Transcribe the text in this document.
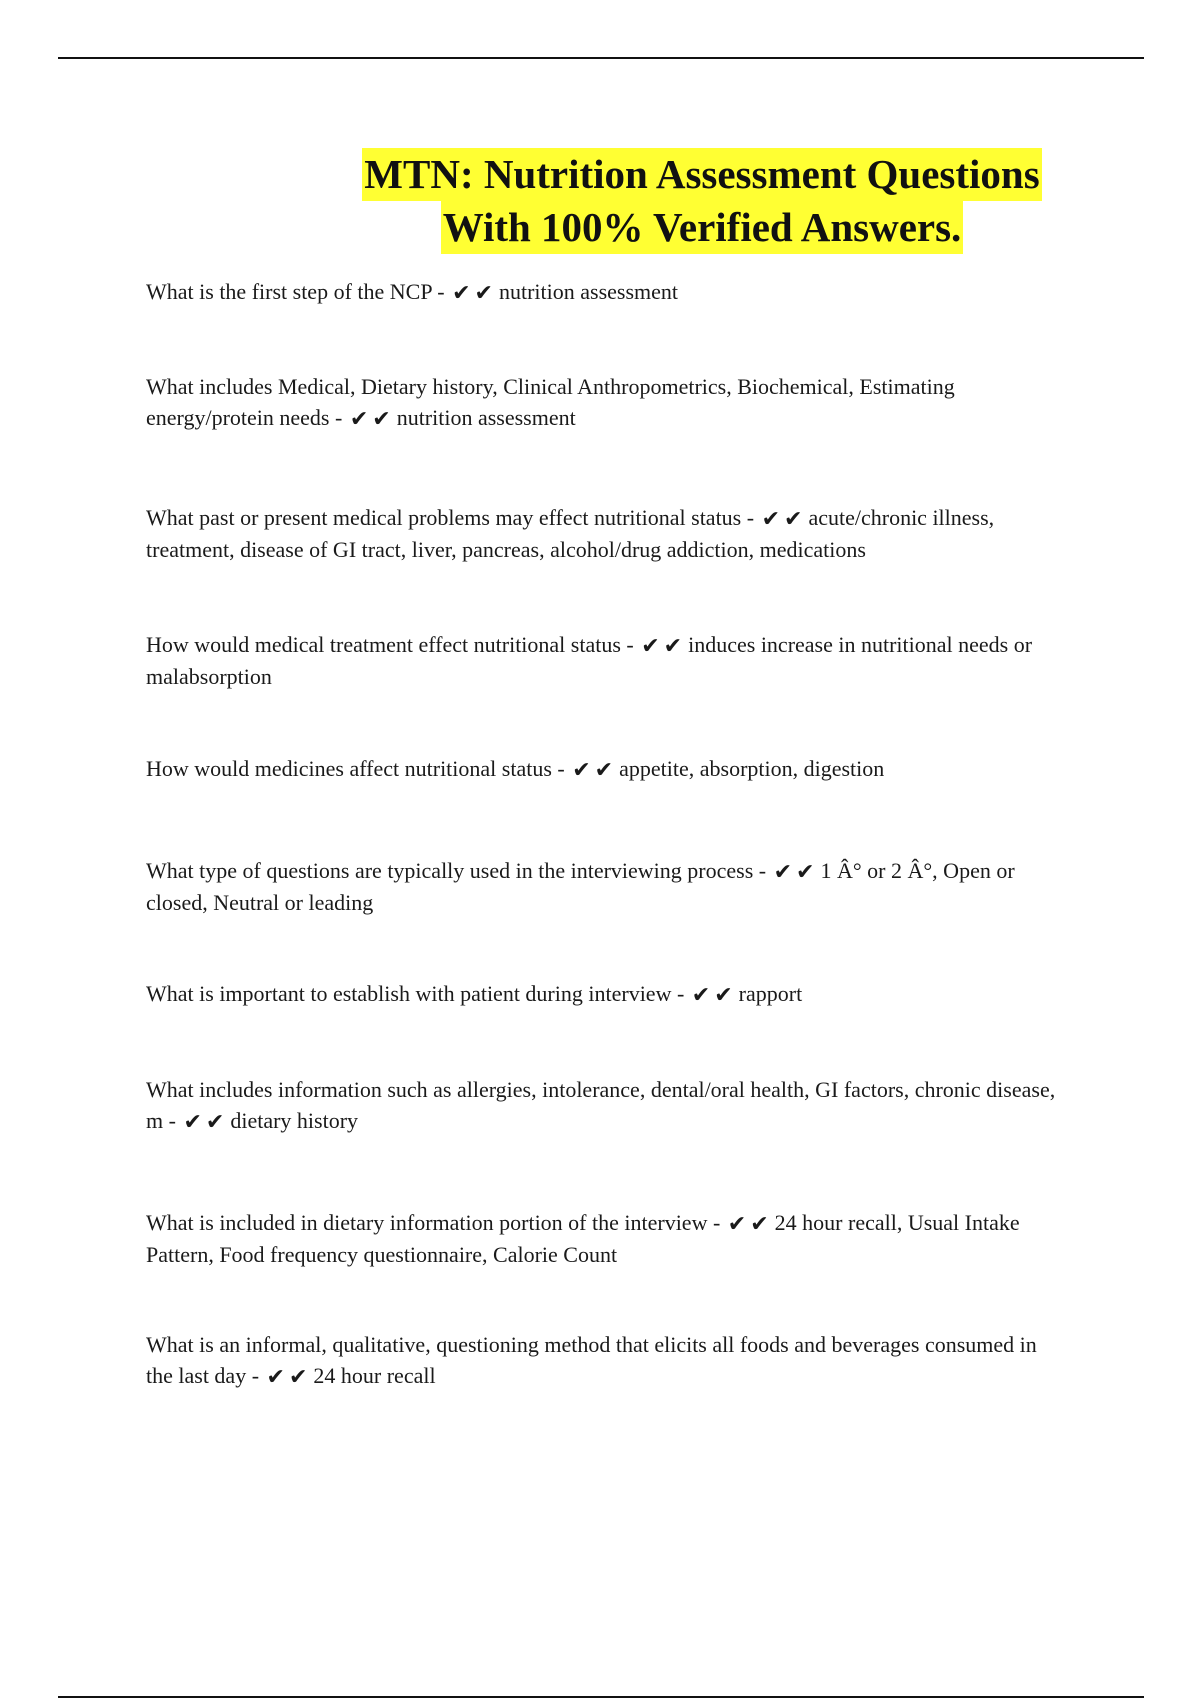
MTN: Nutrition Assessment Questions
With 100% Verified Answers.
What is the first step of the NCP - ✔ ✔ nutrition assessment
What includes Medical, Dietary history, Clinical Anthropometrics, Biochemical, Estimating energy/protein needs - ✔ ✔ nutrition assessment
What past or present medical problems may effect nutritional status - ✔ ✔ acute/chronic illness, treatment, disease of GI tract, liver, pancreas, alcohol/drug addiction, medications
How would medical treatment effect nutritional status - ✔ ✔ induces increase in nutritional needs or malabsorption
How would medicines affect nutritional status - ✔ ✔ appetite, absorption, digestion
What type of questions are typically used in the interviewing process - ✔ ✔ 1 Â° or 2 Â°, Open or closed, Neutral or leading
What is important to establish with patient during interview - ✔ ✔ rapport
What includes information such as allergies, intolerance, dental/oral health, GI factors, chronic disease, m - ✔ ✔ dietary history
What is included in dietary information portion of the interview - ✔ ✔ 24 hour recall, Usual Intake Pattern, Food frequency questionnaire, Calorie Count
What is an informal, qualitative, questioning method that elicits all foods and beverages consumed in the last day - ✔ ✔ 24 hour recall
